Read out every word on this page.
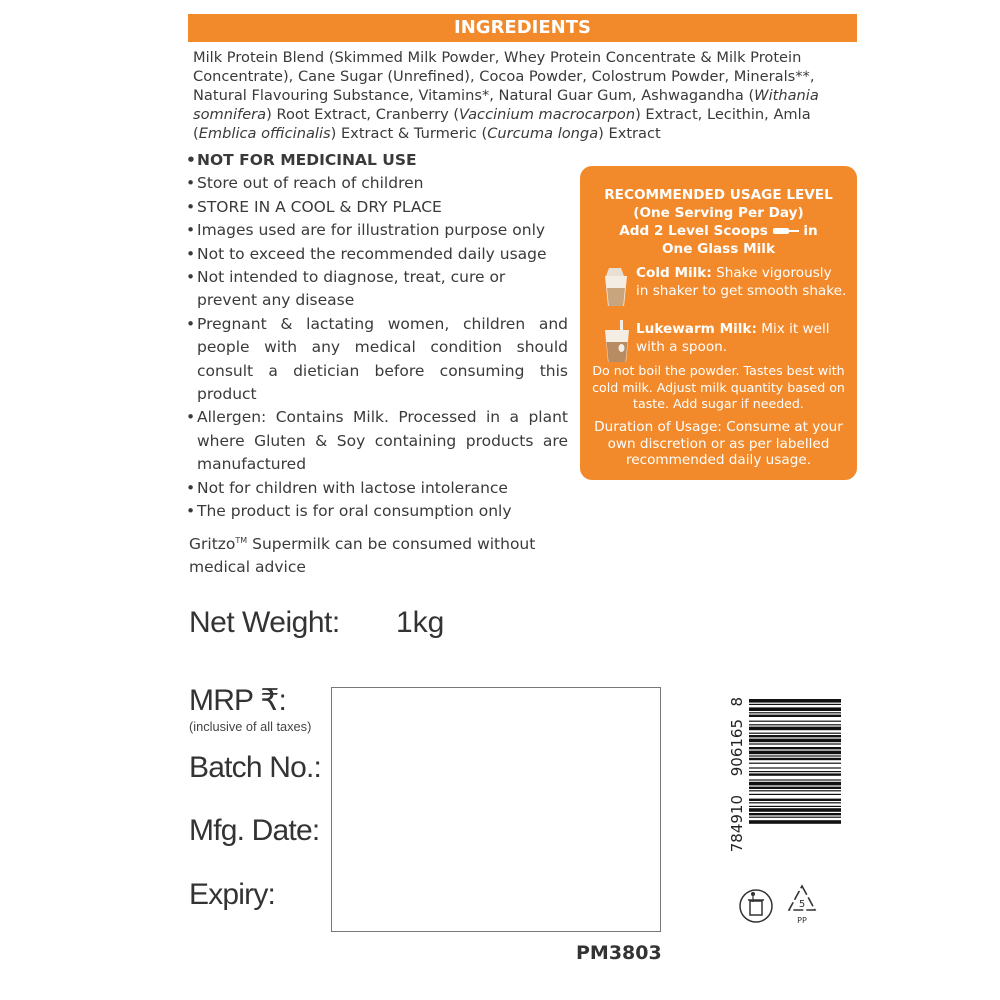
INGREDIENTS
Milk Protein Blend (Skimmed Milk Powder, Whey Protein Concentrate & Milk Protein Concentrate), Cane Sugar (Unrefined), Cocoa Powder, Colostrum Powder, Minerals**, Natural Flavouring Substance, Vitamins*, Natural Guar Gum, Ashwagandha (Withania somnifera) Root Extract, Cranberry (Vaccinium macrocarpon) Extract, Lecithin, Amla (Emblica officinalis) Extract & Turmeric (Curcuma longa) Extract
• NOT FOR MEDICINAL USE
• Store out of reach of children
• STORE IN A COOL & DRY PLACE
• Images used are for illustration purpose only
• Not to exceed the recommended daily usage
• Not intended to diagnose, treat, cure or prevent any disease
• Pregnant & lactating women, children and people with any medical condition should consult a dietician before consuming this product
• Allergen: Contains Milk. Processed in a plant where Gluten & Soy containing products are manufactured
• Not for children with lactose intolerance
• The product is for oral consumption only
Gritzo™ Supermilk can be consumed without medical advice
RECOMMENDED USAGE LEVEL
(One Serving Per Day)
Add 2 Level Scoops	in
One Glass Milk
Cold Milk: Shake vigorously in shaker to get smooth shake.
Lukewarm Milk: Mix it well with a spoon.
Do not boil the powder. Tastes best with cold milk. Adjust milk quantity based on taste. Add sugar if needed.
Duration of Usage: Consume at your own discretion or as per labelled recommended daily usage.
Net Weight: 1kg
MRP ₹:
(inclusive of all taxes)
Batch No.:
Mfg. Date:
Expiry:
8
906165
784910
5
PP
PM3803
